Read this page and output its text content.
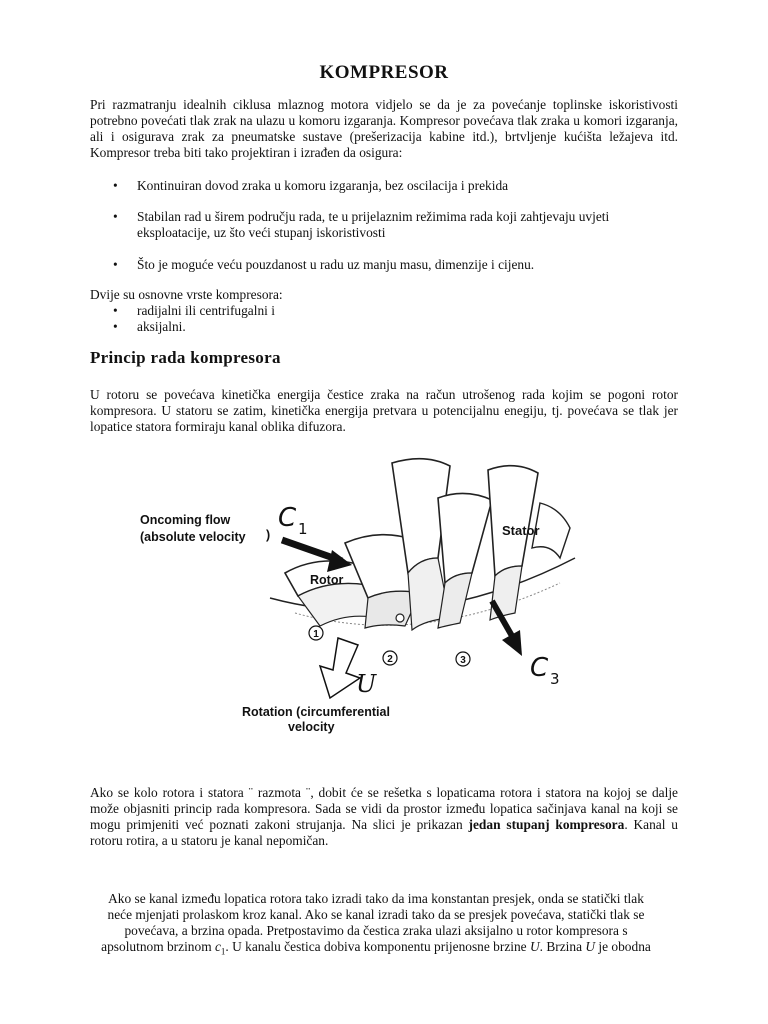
KOMPRESOR
Pri razmatranju idealnih ciklusa mlaznog motora vidjelo se da je za povećanje toplinske iskoristivosti potrebno povećati tlak zrak na ulazu u komoru izgaranja. Kompresor povećava tlak zraka u komori izgaranja, ali i osigurava zrak za pneumatske sustave (prešerizacija kabine itd.), brtvljenje kućišta ležajeva itd. Kompresor treba biti tako projektiran i izrađen da osigura:
• Kontinuiran dovod zraka u komoru izgaranja, bez oscilacija i prekida
• Stabilan rad u širem području rada, te u prijelaznim režimima rada koji zahtjevaju uvjeti eksploatacije, uz što veći stupanj iskoristivosti
• Što je moguće veću pouzdanost u radu uz manju masu, dimenzije i cijenu.
Dvije su osnovne vrste kompresora:
• radijalni ili centrifugalni i
• aksijalni.
Princip rada kompresora
U rotoru se povećava kinetička energija čestice zraka na račun utrošenog rada kojim se pogoni rotor kompresora. U statoru se zatim, kinetička energija pretvara u potencijalnu enegiju, tj. povećava se tlak jer lopatice statora formiraju kanal oblika difuzora.
C 1
C 3
U
1
2	3
Oncoming flow
(absolute velocity )	Stator
Rotor
Rotation (circumferential
velocity
Ako se kolo rotora i statora ¨ razmota ¨, dobit će se rešetka s lopaticama rotora i statora na kojoj se dalje može objasniti princip rada kompresora. Sada se vidi da prostor između lopatica sačinjava kanal na koji se mogu primjeniti već poznati zakoni strujanja. Na slici je prikazan jedan stupanj kompresora. Kanal u rotoru rotira, a u statoru je kanal nepomičan.
Ako se kanal između lopatica rotora tako izradi tako da ima konstantan presjek, onda se statički tlak
neće mjenjati prolaskom kroz kanal. Ako se kanal izradi tako da se presjek povećava, statički tlak se
povećava, a brzina opada. Pretpostavimo da čestica zraka ulazi aksijalno u rotor kompresora s
apsolutnom brzinom $c_1$. U kanalu čestica dobiva komponentu prijenosne brzine U. Brzina U je obodna
